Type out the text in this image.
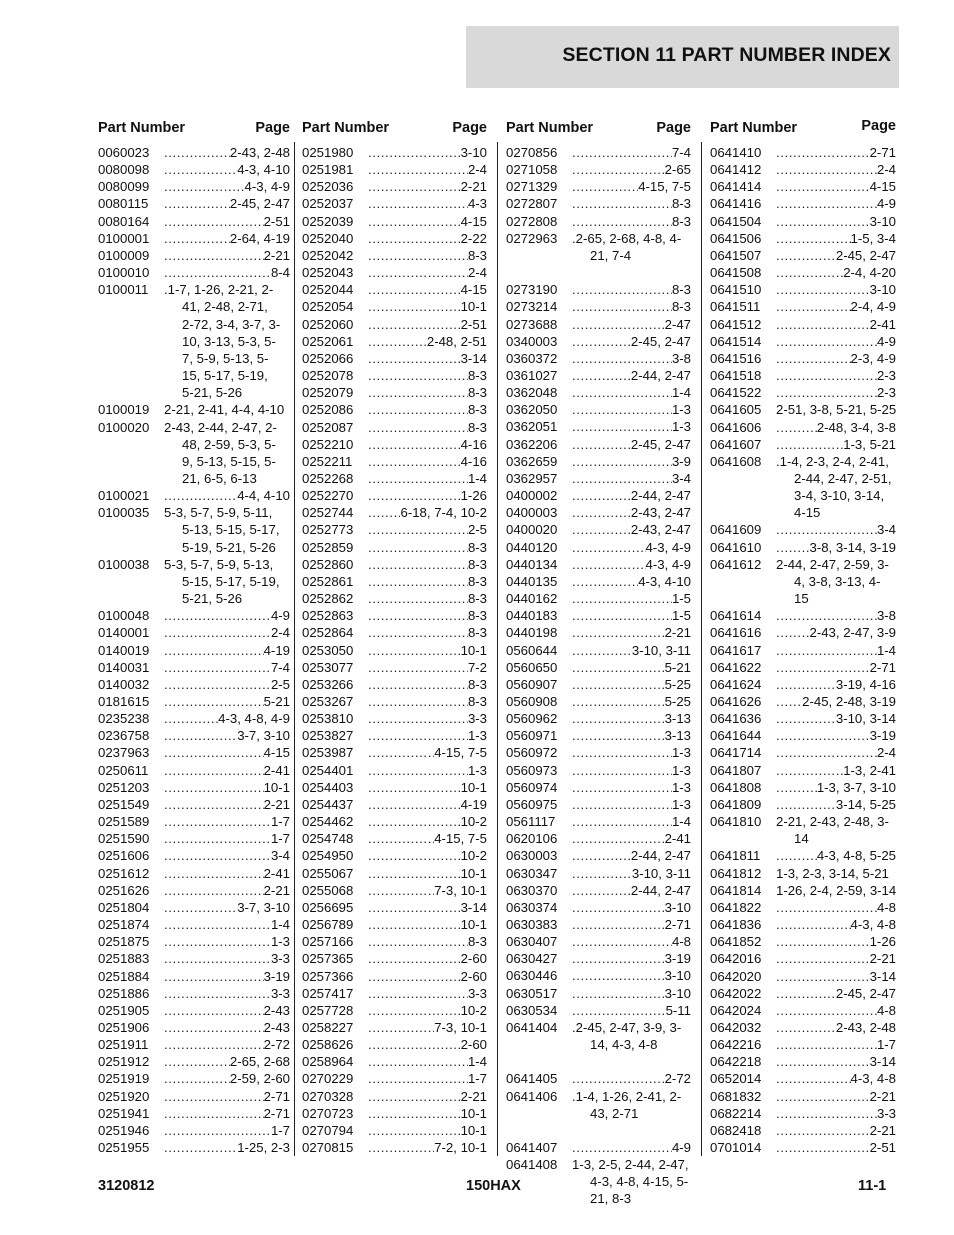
SECTION 11 PART NUMBER INDEX
Part Number	Page
0060023 .....	2-43, 2-48
0080098 .....	4-3, 4-10
0080099 .....	4-3, 4-9
0080115 .....	2-45, 2-47
0080164 .....	2-51
0100001 .....	2-64, 4-19
0100009 .....	2-21
0100010 .....	8-4
0100011	. 1-7, 1-26, 2-21, 2-
41, 2-48, 2-71,
2-72, 3-4, 3-7, 3-
10, 3-13, 5-3, 5-
7, 5-9, 5-13, 5-
15, 5-17, 5-19,
5-21, 5-26
0100019	2-21, 2-41, 4-4, 4-10
0100020	2-43, 2-44, 2-47, 2-
48, 2-59, 5-3, 5-
9, 5-13, 5-15, 5-
21, 6-5, 6-13
0100021 .....	4-4, 4-10
0100035	5-3, 5-7, 5-9, 5-11,
5-13, 5-15, 5-17,
5-19, 5-21, 5-26
0100038	5-3, 5-7, 5-9, 5-13,
5-15, 5-17, 5-19,
5-21, 5-26
0100048 .....	4-9
0140001 .....	2-4
0140019 .....	4-19
0140031 .....	7-4
0140032 .....	2-5
0181615 .....	5-21
0235238 .....	4-3, 4-8, 4-9
0236758 .....	3-7, 3-10
0237963 .....	4-15
0250611 .....	2-41
0251203 .....	10-1
0251549 .....	2-21
0251589 .....	1-7
0251590 .....	1-7
0251606 .....	3-4
0251612 .....	2-41
0251626 .....	2-21
0251804 .....	3-7, 3-10
0251874 .....	1-4
0251875 .....	1-3
0251883 .....	3-3
0251884 .....	3-19
0251886 .....	3-3
0251905 .....	2-43
0251906 .....	2-43
0251911 .....	2-72
0251912 .....	2-65, 2-68
0251919 .....	2-59, 2-60
0251920 .....	2-71
0251941 .....	2-71
0251946 .....	1-7
0251955 .....	1-25, 2-3
Part Number	Page
0251980 .....	3-10
0251981 .....	2-4
0252036 .....	2-21
0252037 .....	4-3
0252039 .....	4-15
0252040 .....	2-22
0252042 .....	8-3
0252043 .....	2-4
0252044 .....	4-15
0252054 .....	10-1
0252060 .....	2-51
0252061 .....	2-48, 2-51
0252066 .....	3-14
0252078 .....	8-3
0252079 .....	8-3
0252086 .....	8-3
0252087 .....	8-3
0252210 .....	4-16
0252211 .....	4-16
0252268 .....	1-4
0252270 .....	1-26
0252744 .....	6-18, 7-4, 10-2
0252773 .....	2-5
0252859 .....	8-3
0252860 .....	8-3
0252861 .....	8-3
0252862 .....	8-3
0252863 .....	8-3
0252864 .....	8-3
0253050 .....	10-1
0253077 .....	7-2
0253266 .....	8-3
0253267 .....	8-3
0253810 .....	3-3
0253827 .....	1-3
0253987 .....	4-15, 7-5
0254401 .....	1-3
0254403 .....	10-1
0254437 .....	4-19
0254462 .....	10-2
0254748 .....	4-15, 7-5
0254950 .....	10-2
0255067 .....	10-1
0255068 .....	7-3, 10-1
0256695 .....	3-14
0256789 .....	10-1
0257166 .....	8-3
0257365 .....	2-60
0257366 .....	2-60
0257417 .....	3-3
0257728 .....	10-2
0258227 .....	7-3, 10-1
0258626 .....	2-60
0258964 .....	1-4
0270229 .....	1-7
0270328 .....	2-21
0270723 .....	10-1
0270794 .....	10-1
0270815 .....	7-2, 10-1
Part Number	Page
0270856 .....	7-4
0271058 .....	2-65
0271329 .....	4-15, 7-5
0272807 .....	8-3
0272808 .....	8-3
0272963	. 2-65, 2-68, 4-8, 4-
21, 7-4
0273190 .....	8-3
0273214 .....	8-3
0273688 .....	2-47
0340003 .....	2-45, 2-47
0360372 .....	3-8
0361027 .....	2-44, 2-47
0362048 .....	1-4
0362050 .....	1-3
0362051 .....	1-3
0362206 .....	2-45, 2-47
0362659 .....	3-9
0362957 .....	3-4
0400002 .....	2-44, 2-47
0400003 .....	2-43, 2-47
0400020 .....	2-43, 2-47
0440120 .....	4-3, 4-9
0440134 .....	4-3, 4-9
0440135 .....	4-3, 4-10
0440162 .....	1-5
0440183 .....	1-5
0440198 .....	2-21
0560644 .....	3-10, 3-11
0560650 .....	5-21
0560907 .....	5-25
0560908 .....	5-25
0560962 .....	3-13
0560971 .....	3-13
0560972 .....	1-3
0560973 .....	1-3
0560974 .....	1-3
0560975 .....	1-3
0561117 .....	1-4
0620106 .....	2-41
0630003 .....	2-44, 2-47
0630347 .....	3-10, 3-11
0630370 .....	2-44, 2-47
0630374 .....	3-10
0630383 .....	2-71
0630407 .....	4-8
0630427 .....	3-19
0630446 .....	3-10
0630517 .....	3-10
0630534 .....	5-11
0641404	. 2-45, 2-47, 3-9, 3-
14, 4-3, 4-8
0641405 .....	2-72
0641406	. 1-4, 1-26, 2-41, 2-
43, 2-71
0641407 .....	4-9
0641408	1-3, 2-5, 2-44, 2-47,
4-3, 4-8, 4-15, 5-
21, 8-3
Part Number	Page
0641410 .....	2-71
0641412 .....	2-4
0641414 .....	4-15
0641416 .....	4-9
0641504 .....	3-10
0641506 .....	1-5, 3-4
0641507 .....	2-45, 2-47
0641508 .....	2-4, 4-20
0641510 .....	3-10
0641511 .....	2-4, 4-9
0641512 .....	2-41
0641514 .....	4-9
0641516 .....	2-3, 4-9
0641518 .....	2-3
0641522 .....	2-3
0641605	2-51, 3-8, 5-21, 5-25
0641606 .....	2-48, 3-4, 3-8
0641607 .....	1-3, 5-21
0641608	. 1-4, 2-3, 2-4, 2-41,
2-44, 2-47, 2-51,
3-4, 3-10, 3-14,
4-15
0641609 .....	3-4
0641610 .....	3-8, 3-14, 3-19
0641612	2-44, 2-47, 2-59, 3-
4, 3-8, 3-13, 4-
15
0641614 .....	3-8
0641616 .....	2-43, 2-47, 3-9
0641617 .....	1-4
0641622 .....	2-71
0641624 .....	3-19, 4-16
0641626 .....	2-45, 2-48, 3-19
0641636 .....	3-10, 3-14
0641644 .....	3-19
0641714 .....	2-4
0641807 .....	1-3, 2-41
0641808 .....	1-3, 3-7, 3-10
0641809 .....	3-14, 5-25
0641810	2-21, 2-43, 2-48, 3-
14
0641811 .....	4-3, 4-8, 5-25
0641812	1-3, 2-3, 3-14, 5-21
0641814	1-26, 2-4, 2-59, 3-14
0641822 .....	4-8
0641836 .....	4-3, 4-8
0641852 .....	1-26
0642016 .....	2-21
0642020 .....	3-14
0642022 .....	2-45, 2-47
0642024 .....	4-8
0642032 .....	2-43, 2-48
0642216 .....	1-7
0642218 .....	3-14
0652014 .....	4-3, 4-8
0681832 .....	2-21
0682214 .....	3-3
0682418 .....	2-21
0701014 .....	2-51
3120812	150HAX	11-1
